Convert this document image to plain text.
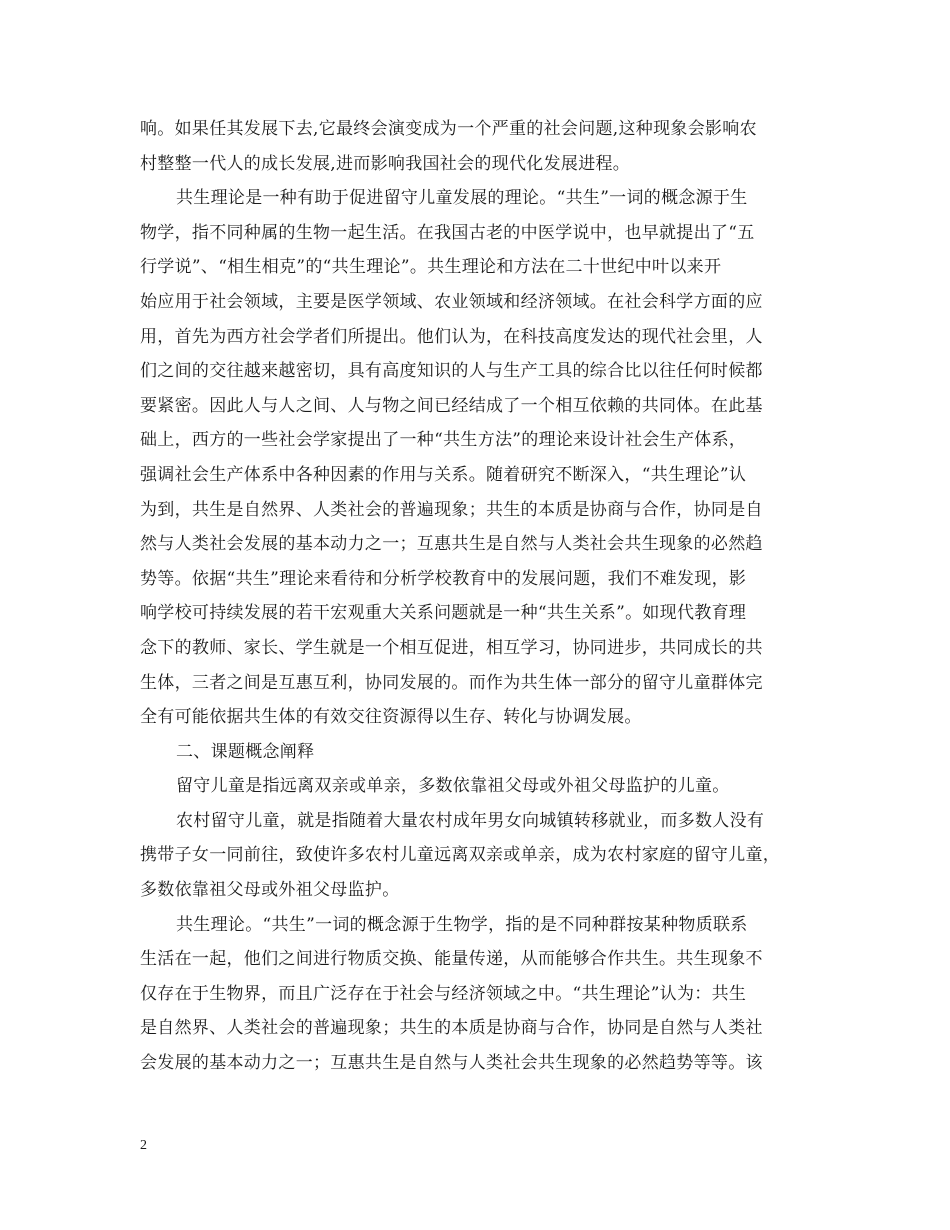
响。如果任其发展下去,它最终会演变成为一个严重的社会问题,这种现象会影响农
村整整一代人的成长发展,进而影响我国社会的现代化发展进程。
共生理论是一种有助于促进留守儿童发展的理论。“共生”一词的概念源于生
物学，指不同种属的生物一起生活。在我国古老的中医学说中，也早就提出了“五
行学说”、“相生相克”的“共生理论”。共生理论和方法在二十世纪中叶以来开
始应用于社会领域，主要是医学领域、农业领域和经济领域。在社会科学方面的应
用，首先为西方社会学者们所提出。他们认为，在科技高度发达的现代社会里，人
们之间的交往越来越密切，具有高度知识的人与生产工具的综合比以往任何时候都
要紧密。因此人与人之间、人与物之间已经结成了一个相互依赖的共同体。在此基
础上，西方的一些社会学家提出了一种“共生方法”的理论来设计社会生产体系，
强调社会生产体系中各种因素的作用与关系。随着研究不断深入，“共生理论”认
为到，共生是自然界、人类社会的普遍现象；共生的本质是协商与合作，协同是自
然与人类社会发展的基本动力之一；互惠共生是自然与人类社会共生现象的必然趋
势等。依据“共生”理论来看待和分析学校教育中的发展问题，我们不难发现，影
响学校可持续发展的若干宏观重大关系问题就是一种“共生关系”。如现代教育理
念下的教师、家长、学生就是一个相互促进，相互学习，协同进步，共同成长的共
生体，三者之间是互惠互利，协同发展的。而作为共生体一部分的留守儿童群体完
全有可能依据共生体的有效交往资源得以生存、转化与协调发展。
二、课题概念阐释
留守儿童是指远离双亲或单亲，多数依靠祖父母或外祖父母监护的儿童。
农村留守儿童，就是指随着大量农村成年男女向城镇转移就业，而多数人没有
携带子女一同前往，致使许多农村儿童远离双亲或单亲，成为农村家庭的留守儿童，
多数依靠祖父母或外祖父母监护。
共生理论。“共生”一词的概念源于生物学，指的是不同种群按某种物质联系
生活在一起，他们之间进行物质交换、能量传递，从而能够合作共生。共生现象不
仅存在于生物界，而且广泛存在于社会与经济领域之中。“共生理论”认为：共生
是自然界、人类社会的普遍现象；共生的本质是协商与合作，协同是自然与人类社
会发展的基本动力之一；互惠共生是自然与人类社会共生现象的必然趋势等等。该
2
